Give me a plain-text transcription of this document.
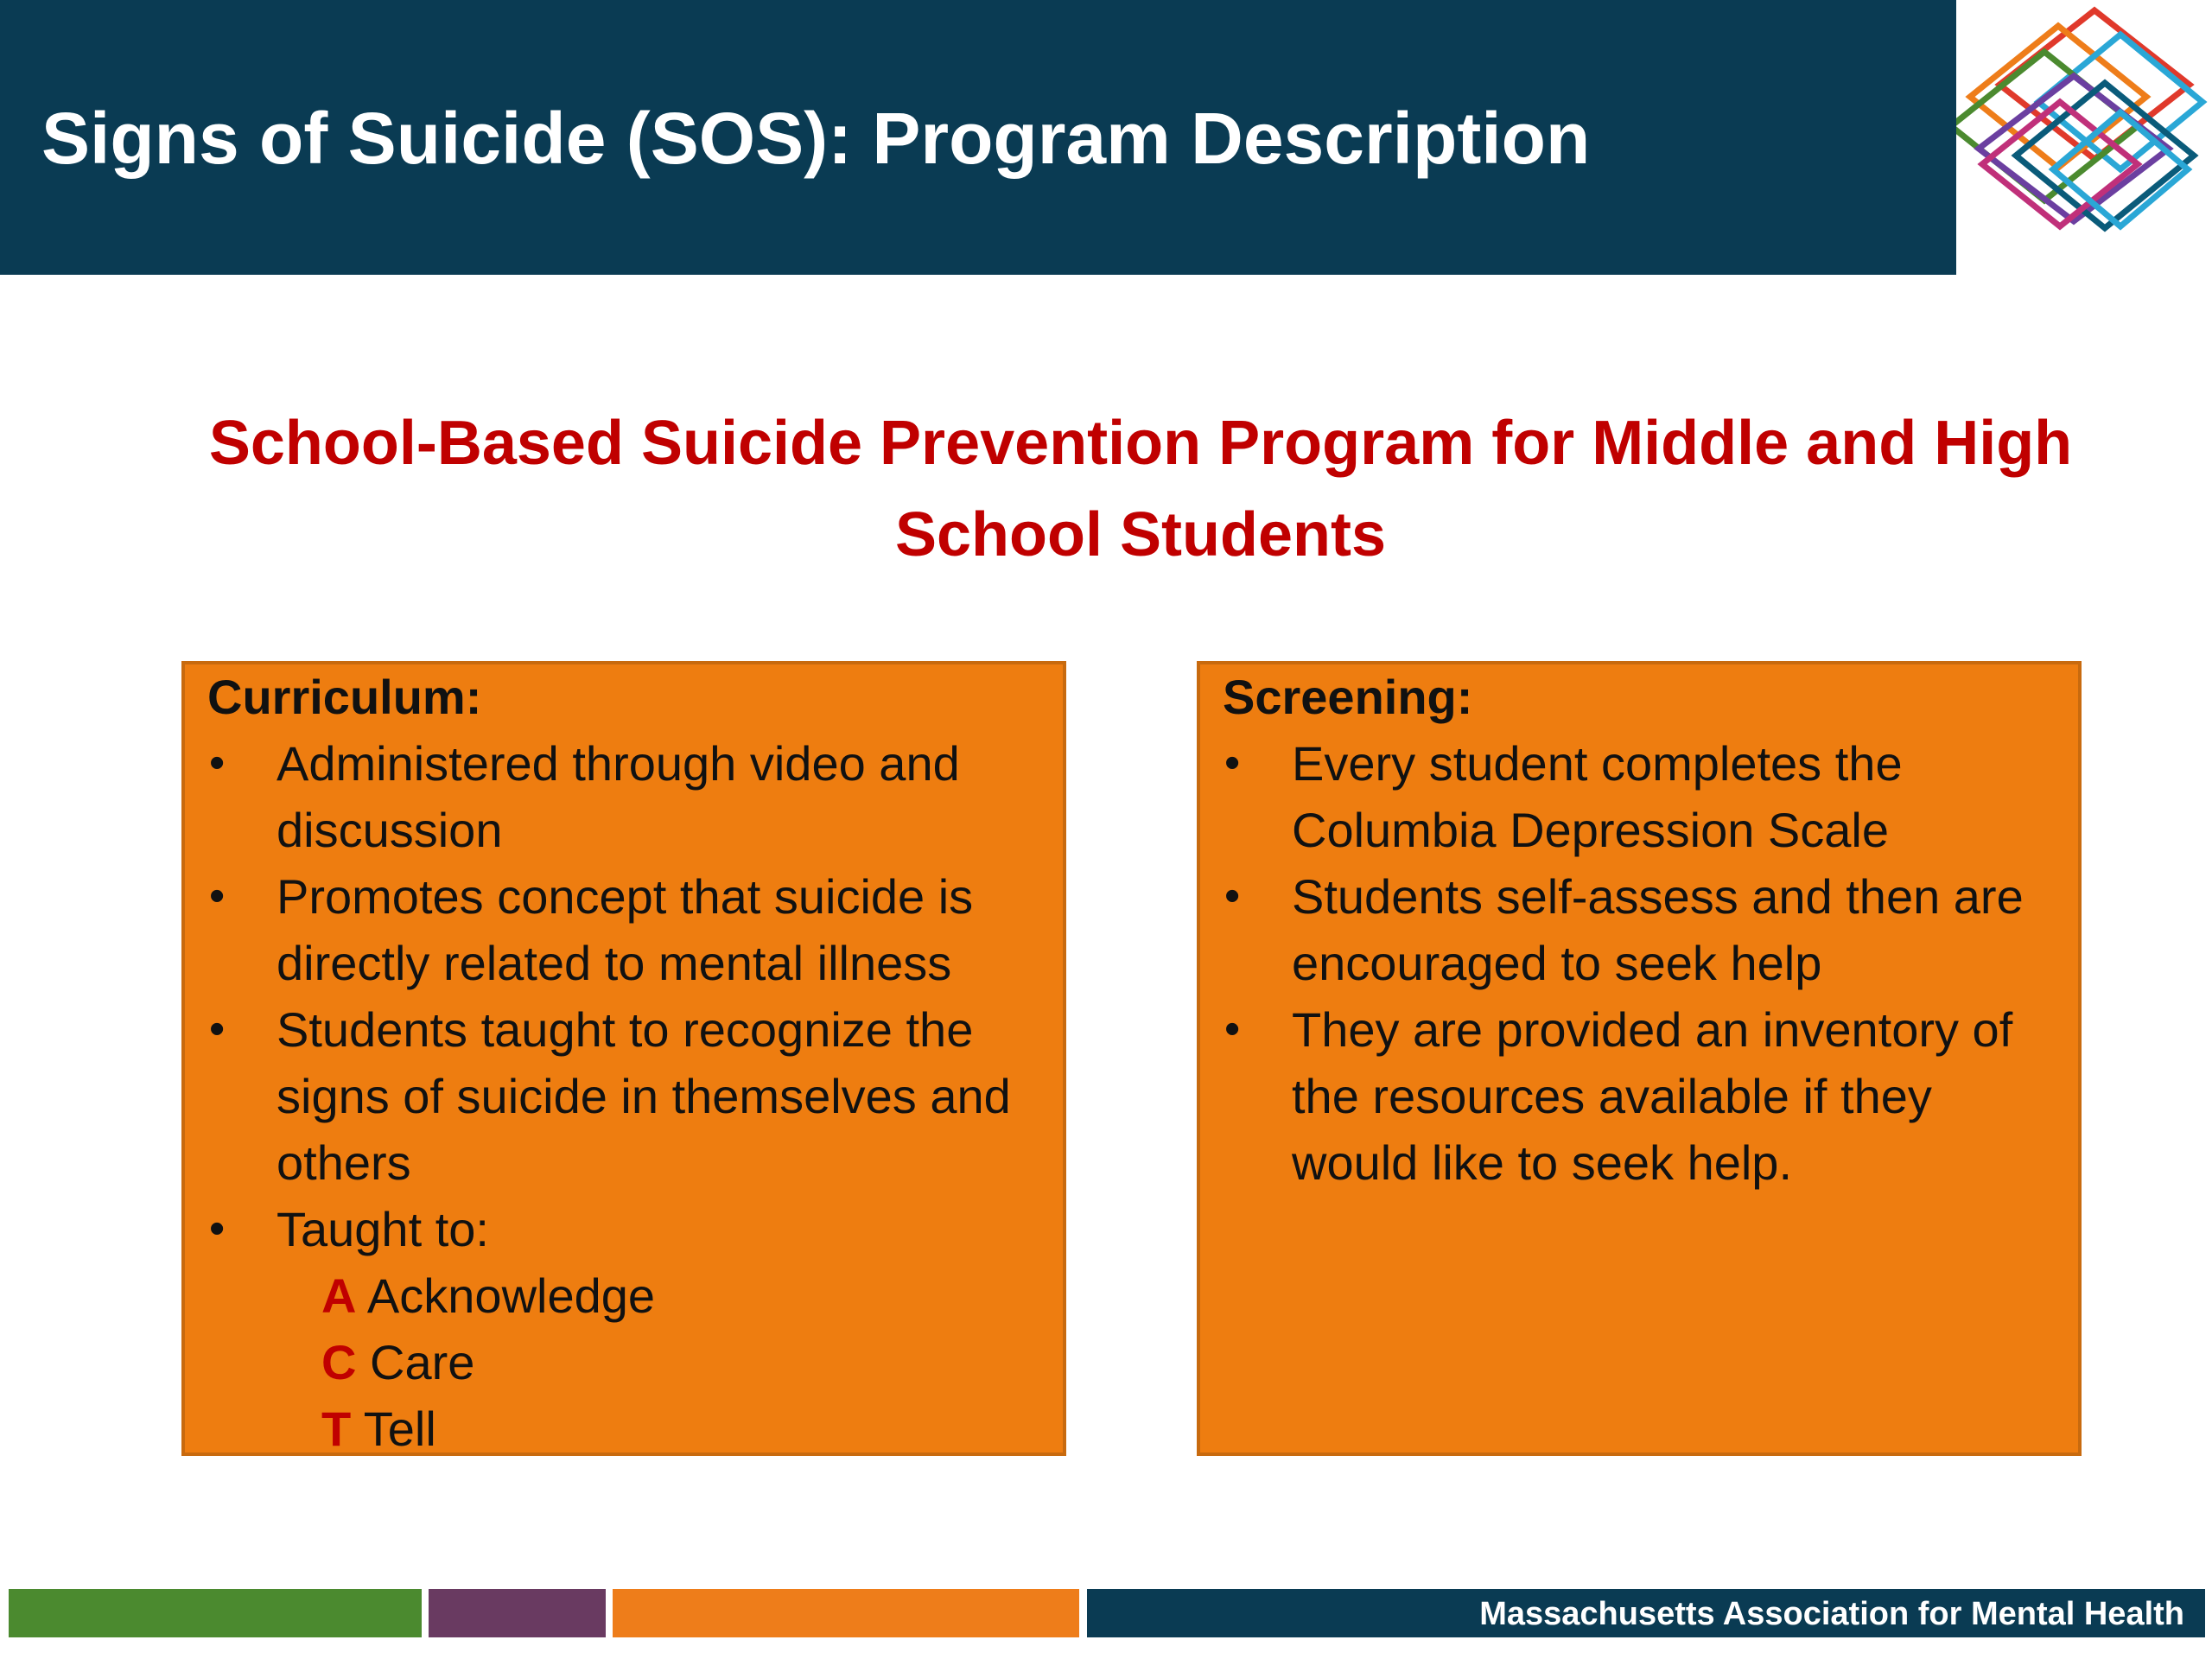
Signs of Suicide (SOS): Program Description
School-Based Suicide Prevention Program for Middle and High
School Students
Curriculum:
• Administered through video and discussion
• Promotes concept that suicide is directly related to mental illness
• Students taught to recognize the signs of suicide in themselves and others
• Taught to:
A Acknowledge
C Care
T Tell
Screening:
• Every student completes the Columbia Depression Scale
• Students self-assess and then are encouraged to seek help
• They are provided an inventory of the resources available if they would like to seek help.
Massachusetts Association for Mental Health
